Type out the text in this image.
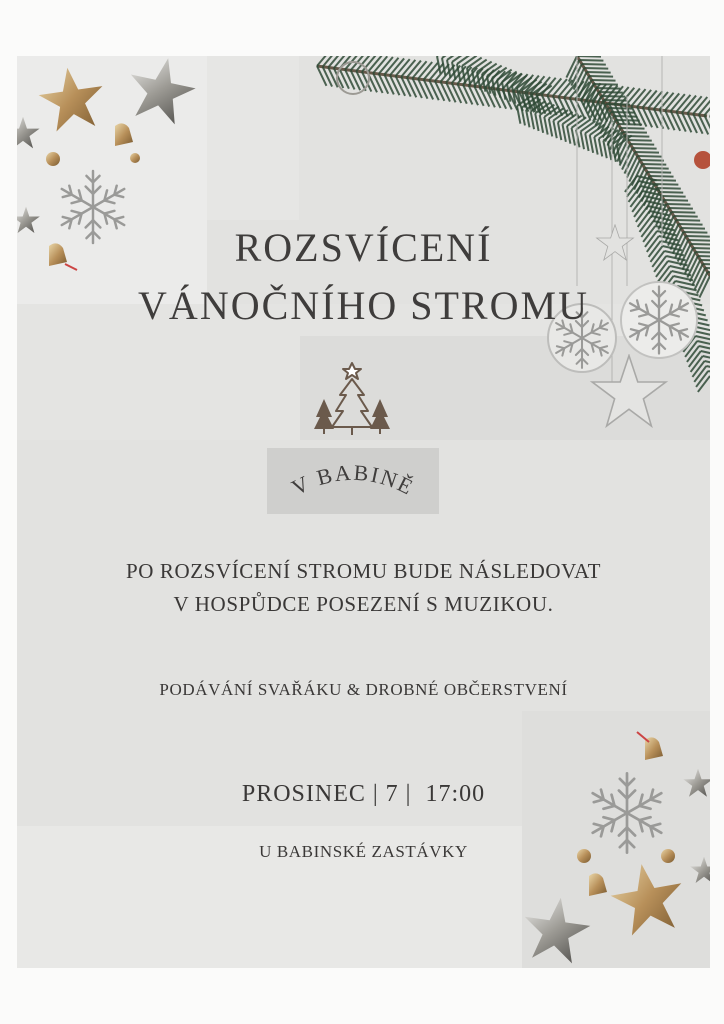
ROZSVÍCENÍ
VÁNOČNÍHO STROMU
V BABINĚ

PO ROZSVÍCENÍ STROMU BUDE NÁSLEDOVAT

V HOSPŮDCE POSEZENÍ S MUZIKOU.

PODÁVÁNÍ SVAŘÁKU & DROBNÉ OBČERSTVENÍ

PROSINEC | 7 |  17:00

U BABINSKÉ ZASTÁVKY
